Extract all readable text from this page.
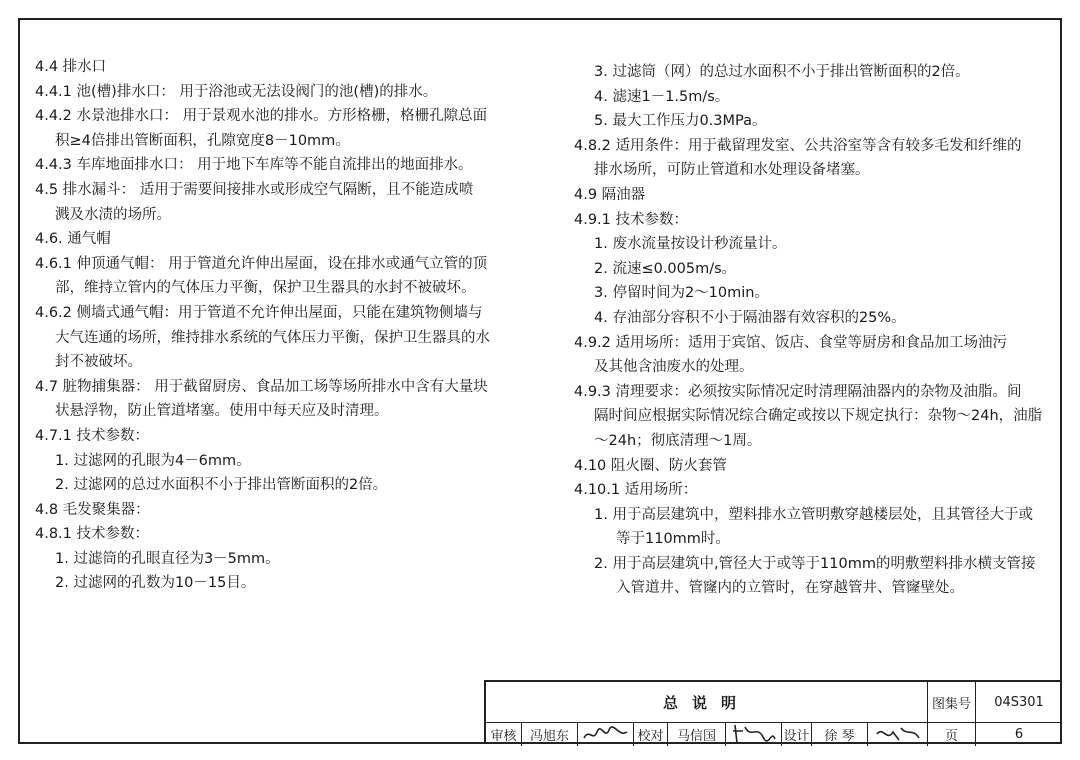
4.4 排水口
4.4.1 池(槽)排水口： 用于浴池或无法设阀门的池(槽)的排水。
4.4.2 水景池排水口： 用于景观水池的排水。方形格栅，格栅孔隙总面
积≥4倍排出管断面积，孔隙宽度8－10mm。
4.4.3 车库地面排水口： 用于地下车库等不能自流排出的地面排水。
4.5 排水漏斗： 适用于需要间接排水或形成空气隔断，且不能造成喷
溅及水渍的场所。
4.6. 通气帽
4.6.1 伸顶通气帽： 用于管道允许伸出屋面，设在排水或通气立管的顶
部，维持立管内的气体压力平衡，保护卫生器具的水封不被破坏。
4.6.2 侧墙式通气帽：用于管道不允许伸出屋面，只能在建筑物侧墙与
大气连通的场所，维持排水系统的气体压力平衡，保护卫生器具的水
封不被破坏。
4.7 脏物捕集器： 用于截留厨房、食品加工场等场所排水中含有大量块
状悬浮物，防止管道堵塞。使用中每天应及时清理。
4.7.1 技术参数：
1. 过滤网的孔眼为4－6mm。
2. 过滤网的总过水面积不小于排出管断面积的2倍。
4.8 毛发聚集器：
4.8.1 技术参数：
1. 过滤筒的孔眼直径为3－5mm。
2. 过滤网的孔数为10－15目。
3. 过滤筒（网）的总过水面积不小于排出管断面积的2倍。
4. 滤速1－1.5m/s。
5. 最大工作压力0.3MPa。
4.8.2 适用条件：用于截留理发室、公共浴室等含有较多毛发和纤维的
排水场所，可防止管道和水处理设备堵塞。
4.9 隔油器
4.9.1 技术参数：
1. 废水流量按设计秒流量计。
2. 流速≤0.005m/s。
3. 停留时间为2～10min。
4. 存油部分容积不小于隔油器有效容积的25%。
4.9.2 适用场所：适用于宾馆、饭店、食堂等厨房和食品加工场油污
及其他含油废水的处理。
4.9.3 清理要求：必须按实际情况定时清理隔油器内的杂物及油脂。间
隔时间应根据实际情况综合确定或按以下规定执行：杂物～24h，油脂
～24h；彻底清理～1周。
4.10 阻火圈、防火套管
4.10.1 适用场所：
1. 用于高层建筑中，塑料排水立管明敷穿越楼层处，且其管径大于或
等于110mm时。
2. 用于高层建筑中,管径大于或等于110mm的明敷塑料排水横支管接
入管道井、管窿内的立管时，在穿越管井、管窿壁处。
总说明	图集号	04S301
审核	冯旭东	校对	马信国	设计	徐 琴	页	6
